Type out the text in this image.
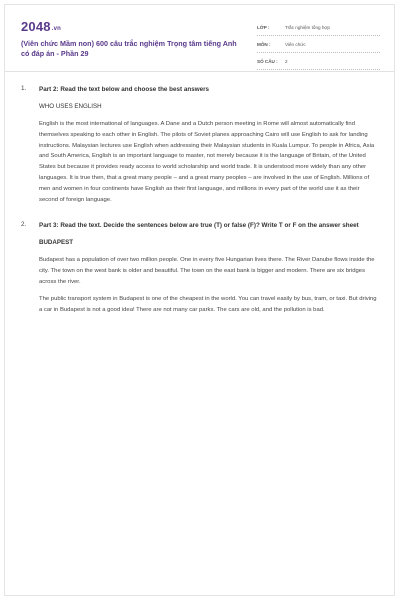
2048.vn
(Viên chức Mầm non) 600 câu trắc nghiệm Trọng tâm tiếng Anh có đáp án - Phần 29
LỚP :	Trắc nghiệm tổng hợp
MÔN :	Viên chức
SỐ CÂU :	2
1. Part 2: Read the text below and choose the best answers
WHO USES ENGLISH

English is the most international of languages. A Dane and a Dutch person meeting in Rome will almost automatically find themselves speaking to each other in English. The pilots of Soviet planes approaching Cairo will use English to ask for landing instructions. Malaysian lectures use English when addressing their Malaysian students in Kuala Lumpur. To people in Africa, Asia and South America, English is an important language to master, not merely because it is the language of Britain, of the United States but because it provides ready access to world scholarship and world trade. It is understood more widely than any other languages. It is true then, that a great many people – and a great many peoples – are involved in the use of English. Millions of men and women in four continents have English as their first language, and millions in every part of the world use it as their second of foreign language.

2. Part 3: Read the text. Decide the sentences below are true (T) or false (F)? Write T or F on the answer sheet
BUDAPEST

Budapest has a population of over two million people. One in every five Hungarian lives there. The River Danube flows inside the city. The town on the west bank is older and beautiful. The town on the east bank is bigger and modern. There are six bridges across the river.

The public transport system in Budapest is one of the cheapest in the world. You can travel easily by bus, tram, or taxi. But driving a car in Budapest is not a good idea! There are not many car parks. The cars are old, and the pollution is bad.
